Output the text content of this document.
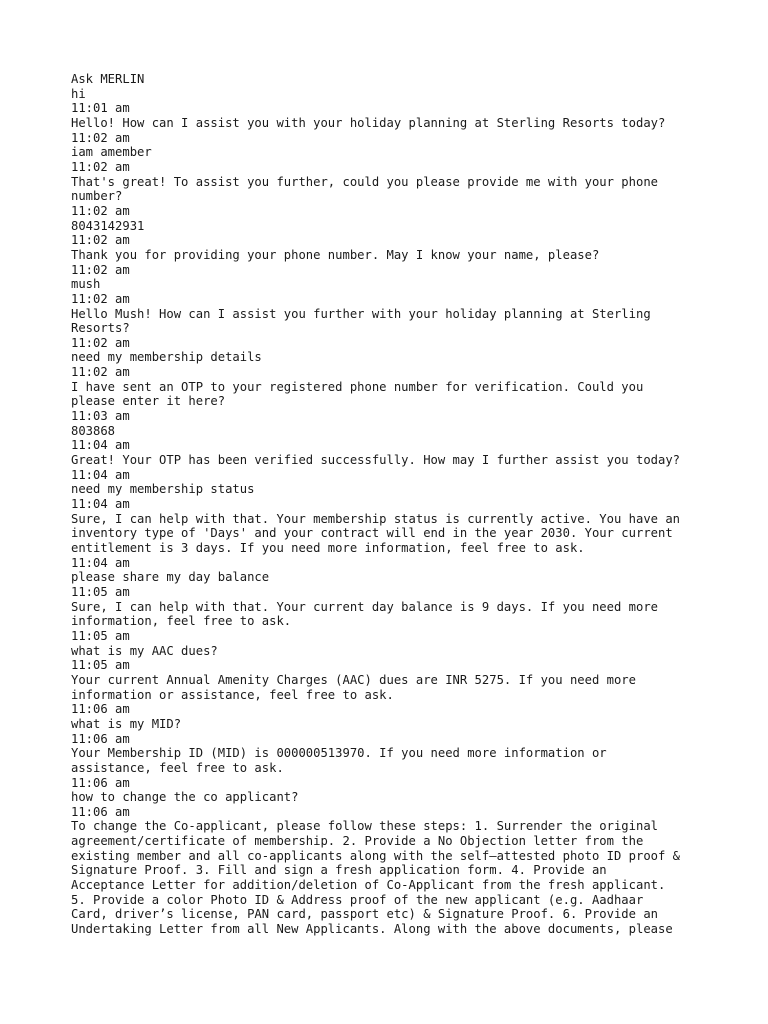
Ask MERLIN
hi
11:01 am
Hello! How can I assist you with your holiday planning at Sterling Resorts today?
11:02 am
iam amember
11:02 am
That's great! To assist you further, could you please provide me with your phone
number?
11:02 am
8043142931
11:02 am
Thank you for providing your phone number. May I know your name, please?
11:02 am
mush
11:02 am
Hello Mush! How can I assist you further with your holiday planning at Sterling
Resorts?
11:02 am
need my membership details
11:02 am
I have sent an OTP to your registered phone number for verification. Could you
please enter it here?
11:03 am
803868
11:04 am
Great! Your OTP has been verified successfully. How may I further assist you today?
11:04 am
need my membership status
11:04 am
Sure, I can help with that. Your membership status is currently active. You have an
inventory type of 'Days' and your contract will end in the year 2030. Your current
entitlement is 3 days. If you need more information, feel free to ask.
11:04 am
please share my day balance
11:05 am
Sure, I can help with that. Your current day balance is 9 days. If you need more
information, feel free to ask.
11:05 am
what is my AAC dues?
11:05 am
Your current Annual Amenity Charges (AAC) dues are INR 5275. If you need more
information or assistance, feel free to ask.
11:06 am
what is my MID?
11:06 am
Your Membership ID (MID) is 000000513970. If you need more information or
assistance, feel free to ask.
11:06 am
how to change the co applicant?
11:06 am
To change the Co-applicant, please follow these steps: 1. Surrender the original
agreement/certificate of membership. 2. Provide a No Objection letter from the
existing member and all co-applicants along with the self–attested photo ID proof &
Signature Proof. 3. Fill and sign a fresh application form. 4. Provide an
Acceptance Letter for addition/deletion of Co-Applicant from the fresh applicant.
5. Provide a color Photo ID & Address proof of the new applicant (e.g. Aadhaar
Card, driver’s license, PAN card, passport etc) & Signature Proof. 6. Provide an
Undertaking Letter from all New Applicants. Along with the above documents, please
